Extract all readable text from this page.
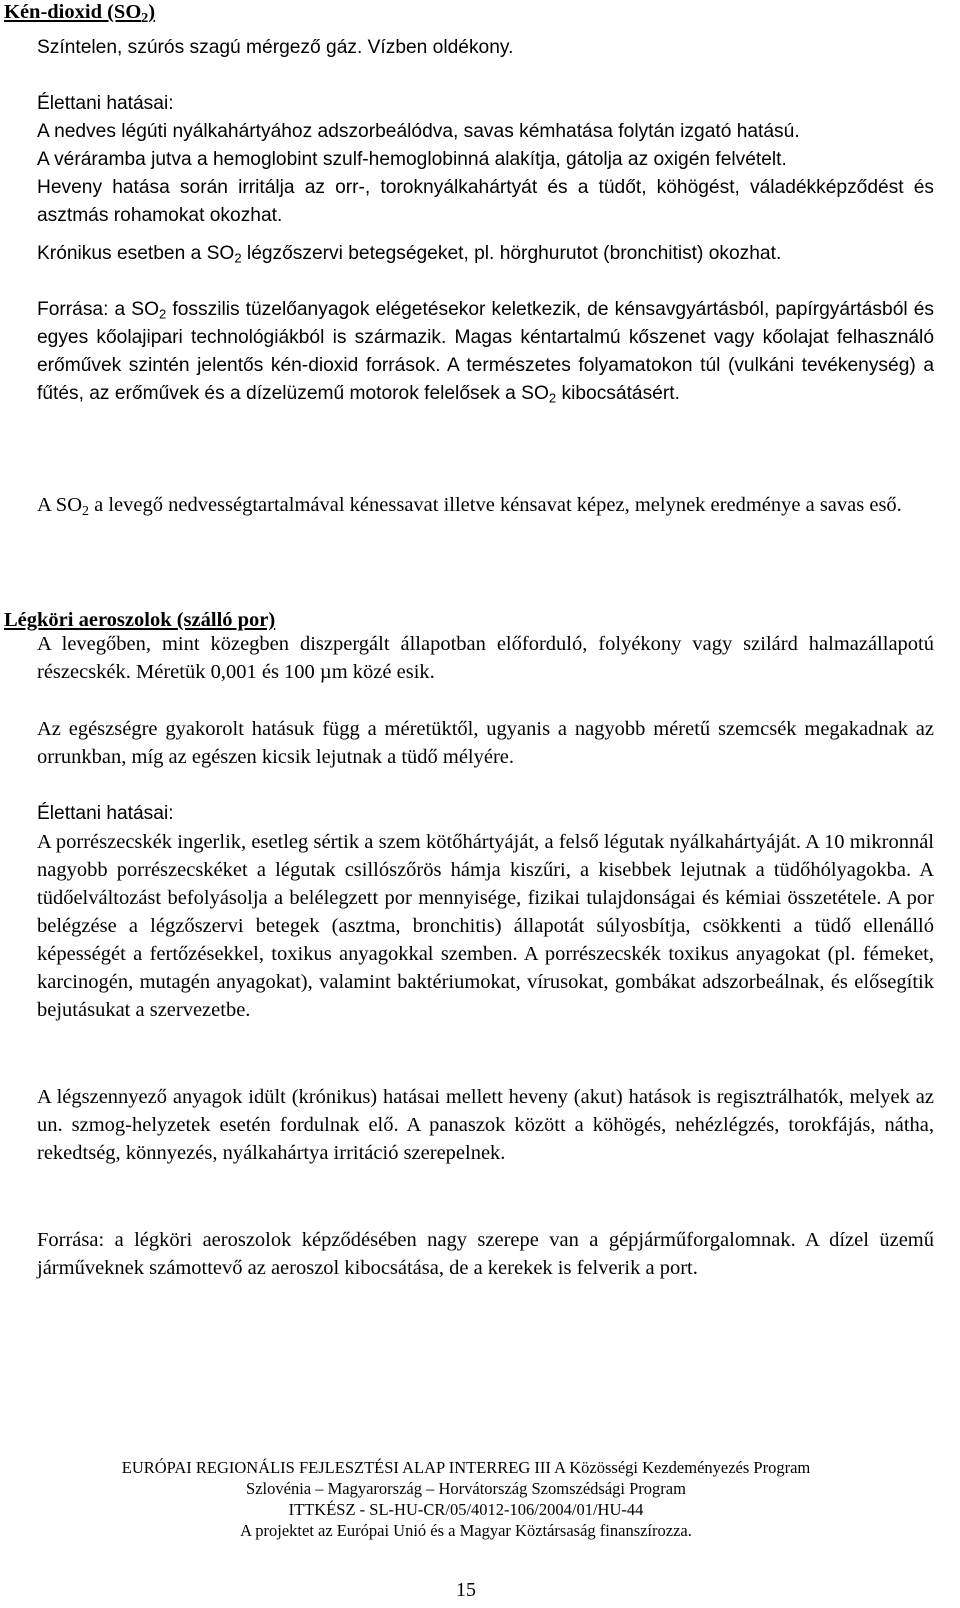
Kén-dioxid $(SO_2)$

Színtelen, szúrós szagú mérgező gáz. Vízben oldékony.

Élettani hatásai:
A nedves légúti nyálkahártyához adszorbeálódva, savas kémhatása folytán izgató hatású.
A véráramba jutva a hemoglobint szulf-hemoglobinná alakítja, gátolja az oxigén felvételt.

Heveny hatása során irritálja az orr-, toroknyálkahártyát és a tüdőt, köhögést, váladékképződést és asztmás rohamokat okozhat.

Krónikus esetben a $SO_2$ légzőszervi betegségeket, pl. hörghurutot (bronchitist) okozhat.

Forrása: a $SO_2$ fosszilis tüzelőanyagok elégetésekor keletkezik, de kénsavgyártásból, papírgyártásból és egyes kőolajipari technológiákból is származik. Magas kéntartalmú kőszenet vagy kőolajat felhasználó erőművek szintén jelentős kén-dioxid források. A természetes folyamatokon túl (vulkáni tevékenység) a fűtés, az erőművek és a dízelüzemű motorok felelősek a $SO_2$ kibocsátásért.

A $SO_2$ a levegő nedvességtartalmával kénessavat illetve kénsavat képez, melynek eredménye a savas eső.

Légköri aeroszolok (szálló por)

A levegőben, mint közegben diszpergált állapotban előforduló, folyékony vagy szilárd halmazállapotú részecskék. Méretük 0,001 és 100 µm közé esik.

Az egészségre gyakorolt hatásuk függ a méretüktől, ugyanis a nagyobb méretű szemcsék megakadnak az orrunkban, míg az egészen kicsik lejutnak a tüdő mélyére.

Élettani hatásai:
A porrészecskék ingerlik, esetleg sértik a szem kötőhártyáját, a felső légutak nyálkahártyáját. A 10 mikronnál nagyobb porrészecskéket a légutak csillószőrös hámja kiszűri, a kisebbek lejutnak a tüdőhólyagokba. A tüdőelváltozást befolyásolja a belélegzett por mennyisége, fizikai tulajdonságai és kémiai összetétele. A por belégzése a légzőszervi betegek (asztma, bronchitis) állapotát súlyosbítja, csökkenti a tüdő ellenálló képességét a fertőzésekkel, toxikus anyagokkal szemben. A porrészecskék toxikus anyagokat (pl. fémeket, karcinogén, mutagén anyagokat), valamint baktériumokat, vírusokat, gombákat adszorbeálnak, és elősegítik bejutásukat a szervezetbe.

A légszennyező anyagok idült (krónikus) hatásai mellett heveny (akut) hatások is regisztrálhatók, melyek az un. szmog-helyzetek esetén fordulnak elő. A panaszok között a köhögés, nehézlégzés, torokfájás, nátha, rekedtség, könnyezés, nyálkahártya irritáció szerepelnek.

Forrása: a légköri aeroszolok képződésében nagy szerepe van a gépjárműforgalomnak. A dízel üzemű járműveknek számottevő az aeroszol kibocsátása, de a kerekek is felverik a port.

EURÓPAI REGIONÁLIS FEJLESZTÉSI ALAP INTERREG III A Közösségi Kezdeményezés Program
Szlovénia – Magyarország – Horvátország Szomszédsági Program
ITTKÉSZ - SL-HU-CR/05/4012-106/2004/01/HU-44
A projektet az Európai Unió és a Magyar Köztársaság finanszírozza.
15
